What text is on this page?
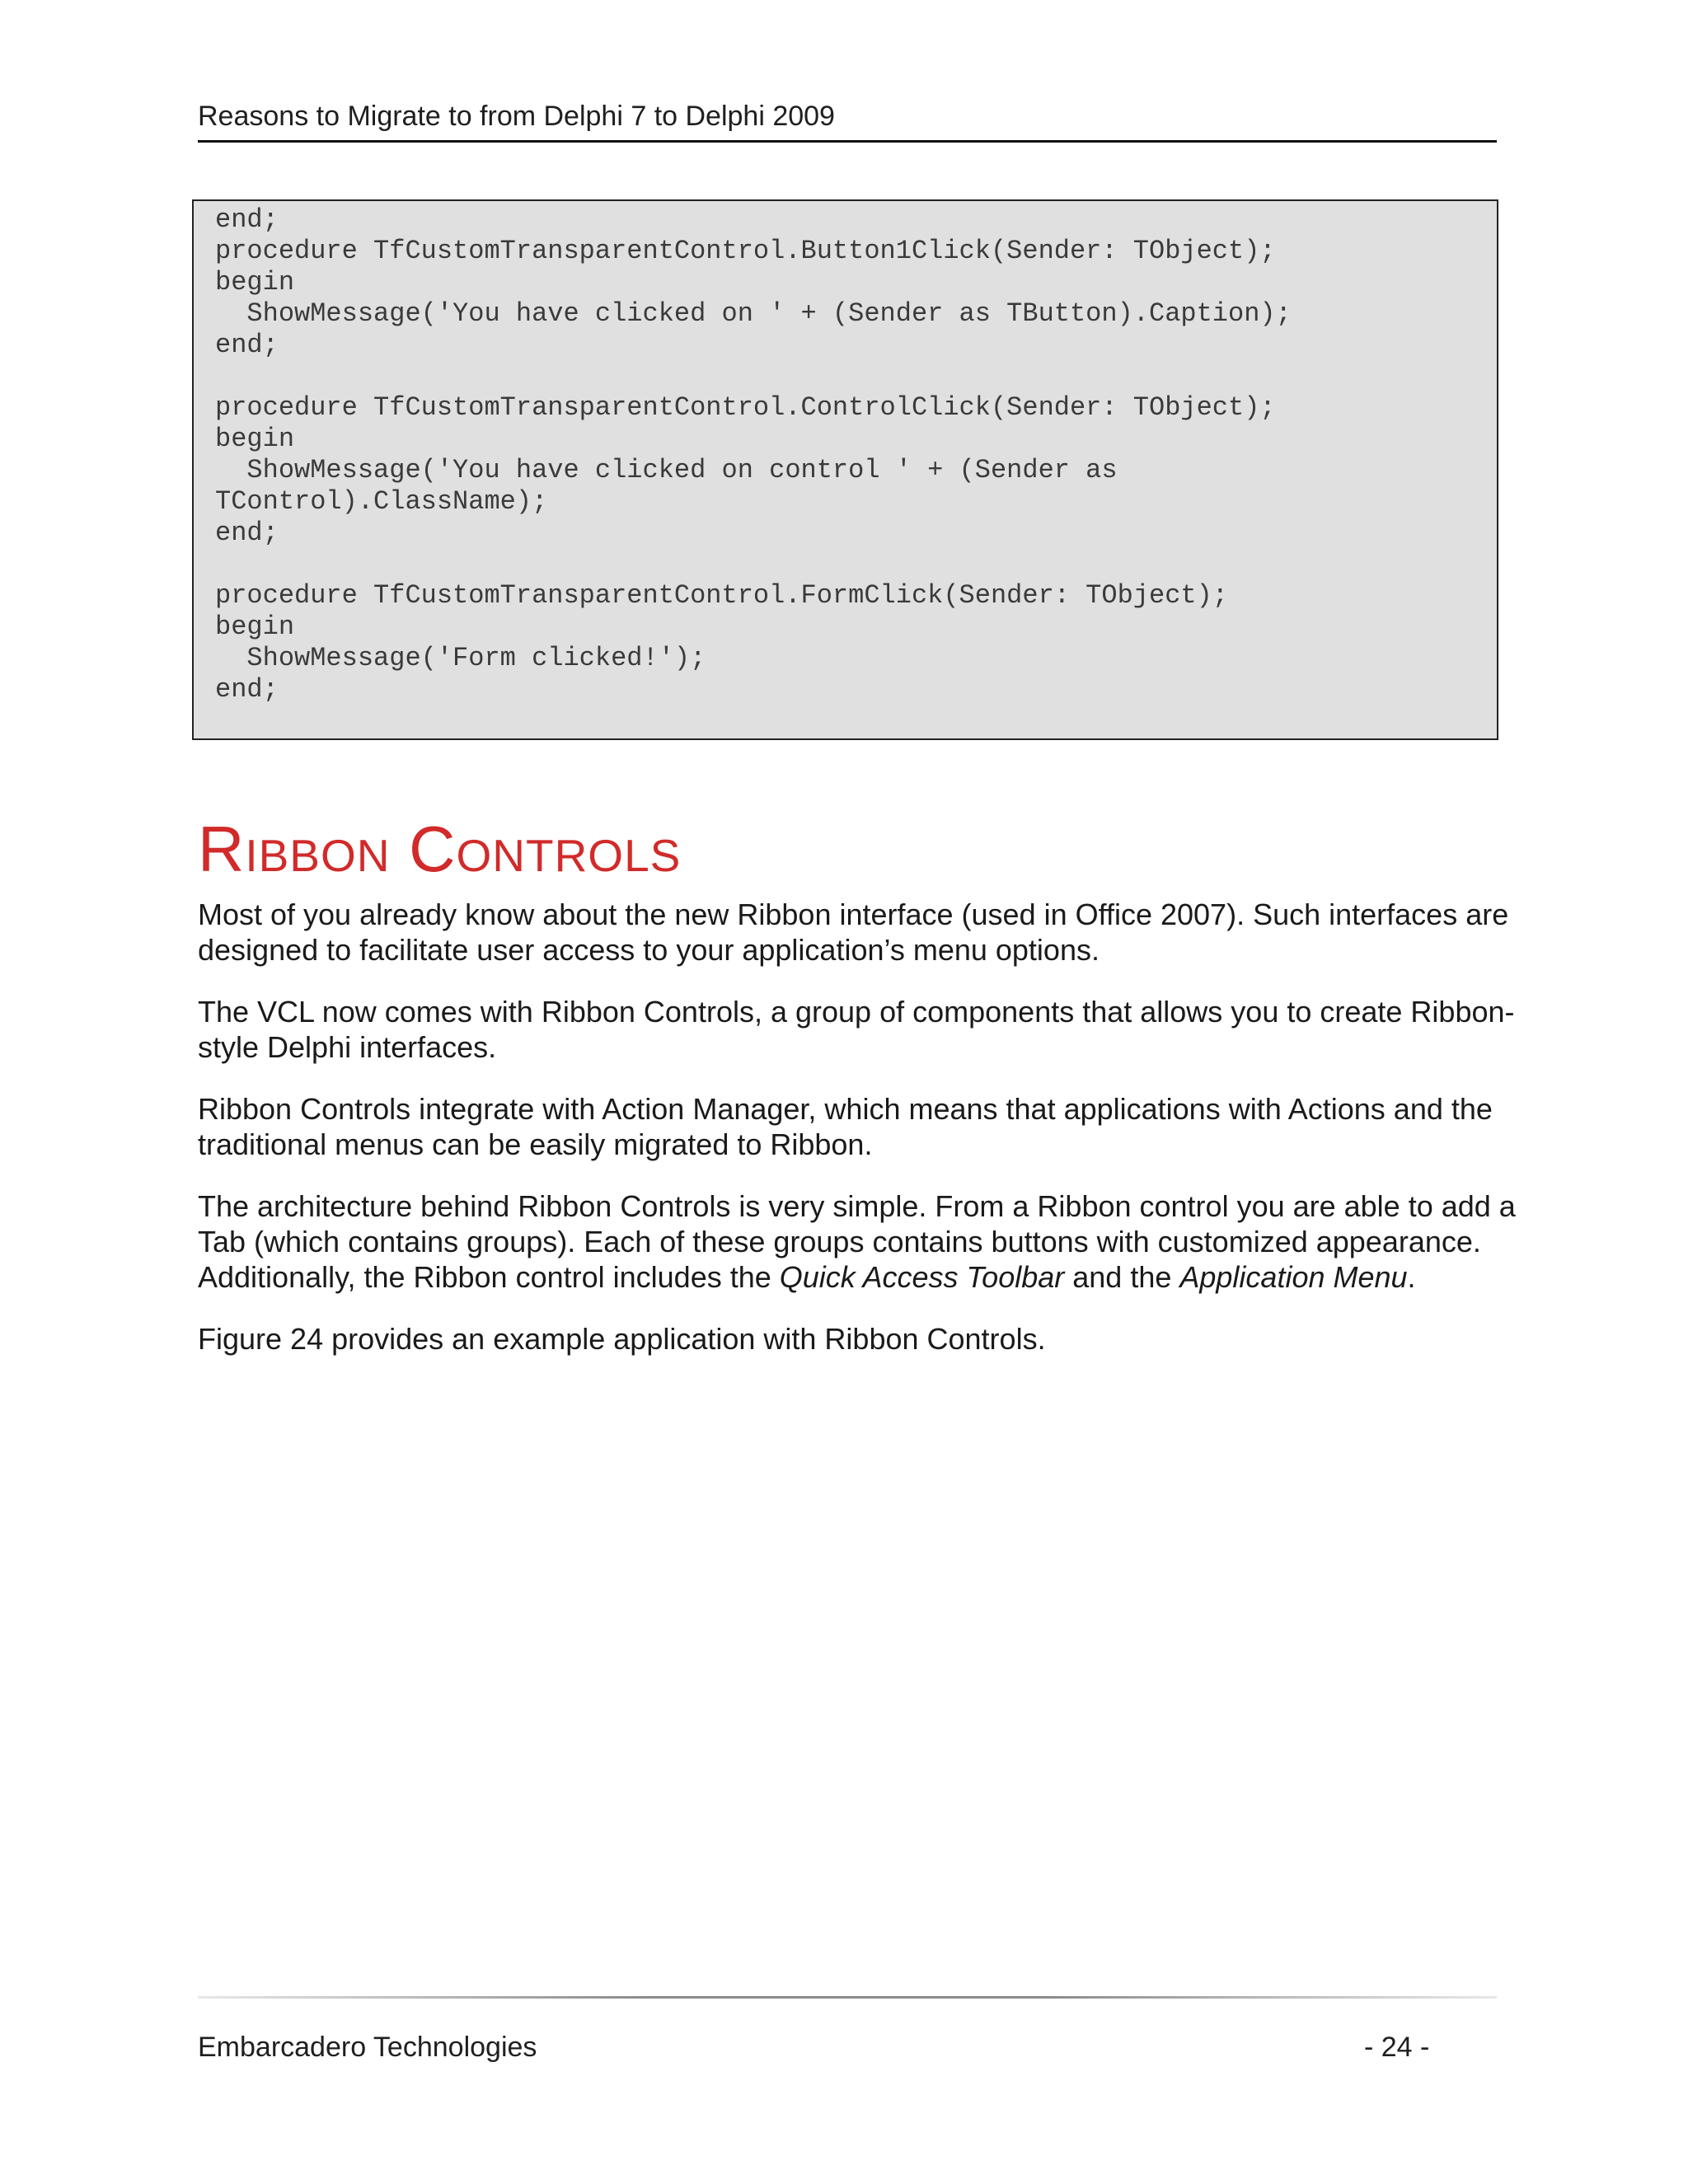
Reasons to Migrate to from Delphi 7 to Delphi 2009
end;
procedure TfCustomTransparentControl.Button1Click(Sender: TObject);
begin
ShowMessage('You have clicked on ' + (Sender as TButton).Caption);
end;
procedure TfCustomTransparentControl.ControlClick(Sender: TObject);
begin
ShowMessage('You have clicked on control ' + (Sender as
TControl).ClassName);
end;
procedure TfCustomTransparentControl.FormClick(Sender: TObject);
begin
ShowMessage('Form clicked!');
end;
Ribbon Controls

Most of you already know about the new Ribbon interface (used in Office 2007). Such interfaces are designed to facilitate user access to your application’s menu options.

The VCL now comes with Ribbon Controls, a group of components that allows you to create Ribbon-style Delphi interfaces.

Ribbon Controls integrate with Action Manager, which means that applications with Actions and the traditional menus can be easily migrated to Ribbon.

The architecture behind Ribbon Controls is very simple. From a Ribbon control you are able to add a Tab (which contains groups). Each of these groups contains buttons with customized appearance. Additionally, the Ribbon control includes the Quick Access Toolbar and the Application Menu.

Figure 24 provides an example application with Ribbon Controls.

Embarcadero Technologies	- 24 -
